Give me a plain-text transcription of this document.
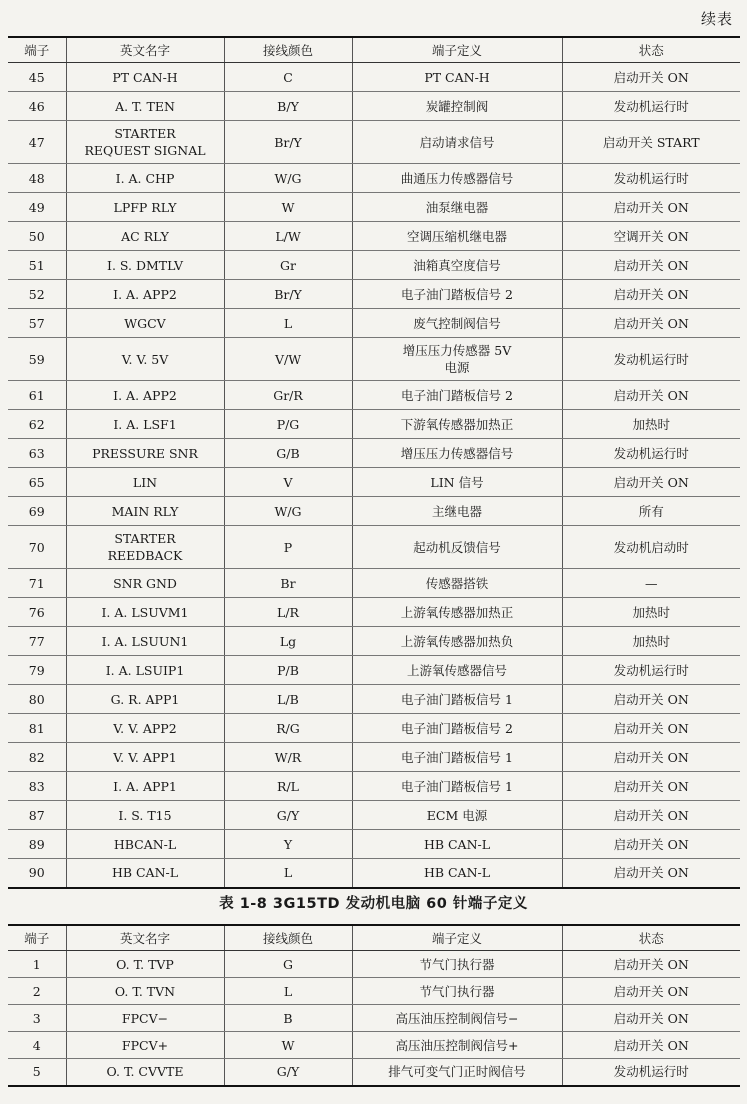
续表
端子	英文名字	接线颜色	端子定义	状态
45	PT CAN-H	C	PT CAN-H	启动开关 ON
46	A. T. TEN	B/Y	炭罐控制阀	发动机运行时
47	STARTER
REQUEST SIGNAL	Br/Y	启动请求信号	启动开关 START
48	I. A. CHP	W/G	曲通压力传感器信号	发动机运行时
49	LPFP RLY	W	油泵继电器	启动开关 ON
50	AC RLY	L/W	空调压缩机继电器	空调开关 ON
51	I. S. DMTLV	Gr	油箱真空度信号	启动开关 ON
52	I. A. APP2	Br/Y	电子油门踏板信号 2	启动开关 ON
57	WGCV	L	废气控制阀信号	启动开关 ON
59	V. V. 5V	V/W	增压压力传感器 5V
电源	发动机运行时
61	I. A. APP2	Gr/R	电子油门踏板信号 2	启动开关 ON
62	I. A. LSF1	P/G	下游氧传感器加热正	加热时
63	PRESSURE SNR	G/B	增压压力传感器信号	发动机运行时
65	LIN	V	LIN 信号	启动开关 ON
69	MAIN RLY	W/G	主继电器	所有
70	STARTER
REEDBACK	P	起动机反馈信号	发动机启动时
71	SNR GND	Br	传感器搭铁	—
76	I. A. LSUVM1	L/R	上游氧传感器加热正	加热时
77	I. A. LSUUN1	Lg	上游氧传感器加热负	加热时
79	I. A. LSUIP1	P/B	上游氧传感器信号	发动机运行时
80	G. R. APP1	L/B	电子油门踏板信号 1	启动开关 ON
81	V. V. APP2	R/G	电子油门踏板信号 2	启动开关 ON
82	V. V. APP1	W/R	电子油门踏板信号 1	启动开关 ON
83	I. A. APP1	R/L	电子油门踏板信号 1	启动开关 ON
87	I. S. T15	G/Y	ECM 电源	启动开关 ON
89	HBCAN-L	Y	HB CAN-L	启动开关 ON
90	HB CAN-L	L	HB CAN-L	启动开关 ON
表 1-8 3G15TD 发动机电脑 60 针端子定义
端子	英文名字	接线颜色	端子定义	状态
1	O. T. TVP	G	节气门执行器	启动开关 ON
2	O. T. TVN	L	节气门执行器	启动开关 ON
3	FPCV−	B	高压油压控制阀信号−	启动开关 ON
4	FPCV+	W	高压油压控制阀信号+	启动开关 ON
5	O. T. CVVTE	G/Y	排气可变气门正时阀信号	发动机运行时
